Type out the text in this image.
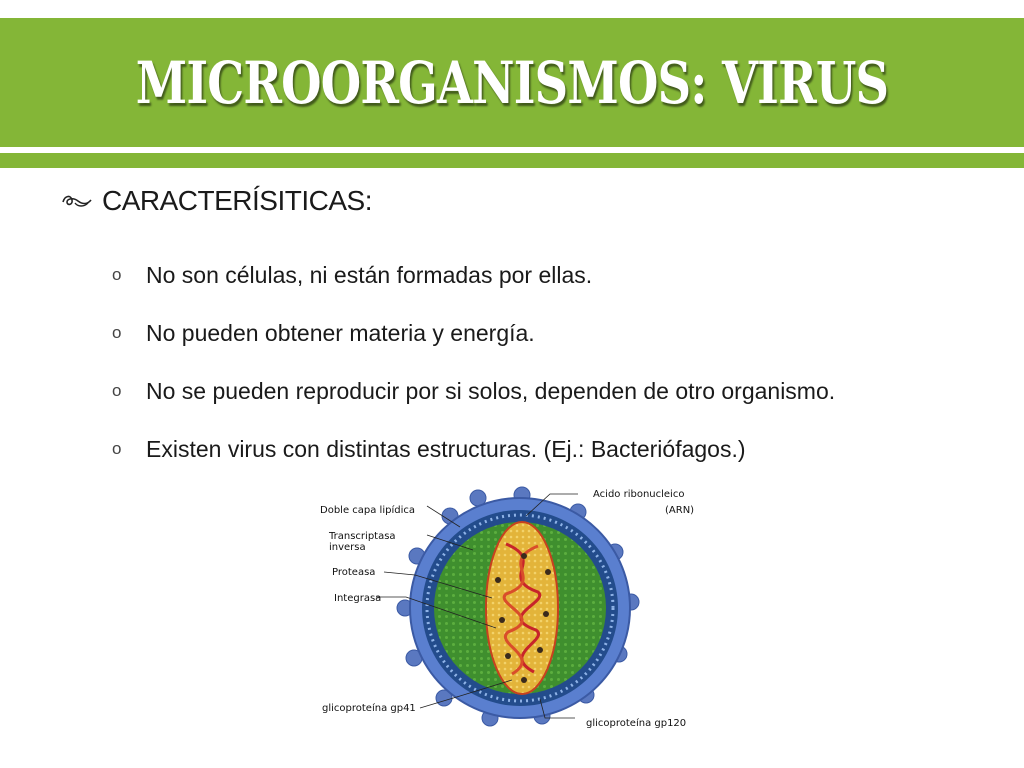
MICROORGANISMOS: VIRUS
CARACTERÍSITICAS:
o	No son células, ni están formadas por ellas.
o	No pueden obtener materia y energía.
o	No se pueden reproducir por si solos, dependen de otro organismo.
o	Existen virus con distintas estructuras. (Ej.: Bacteriófagos.)
Doble capa lipídica
Transcriptasa
inversa
Proteasa
Integrasa
glicoproteína gp41
Acido ribonucleico
(ARN)
glicoproteína gp120
